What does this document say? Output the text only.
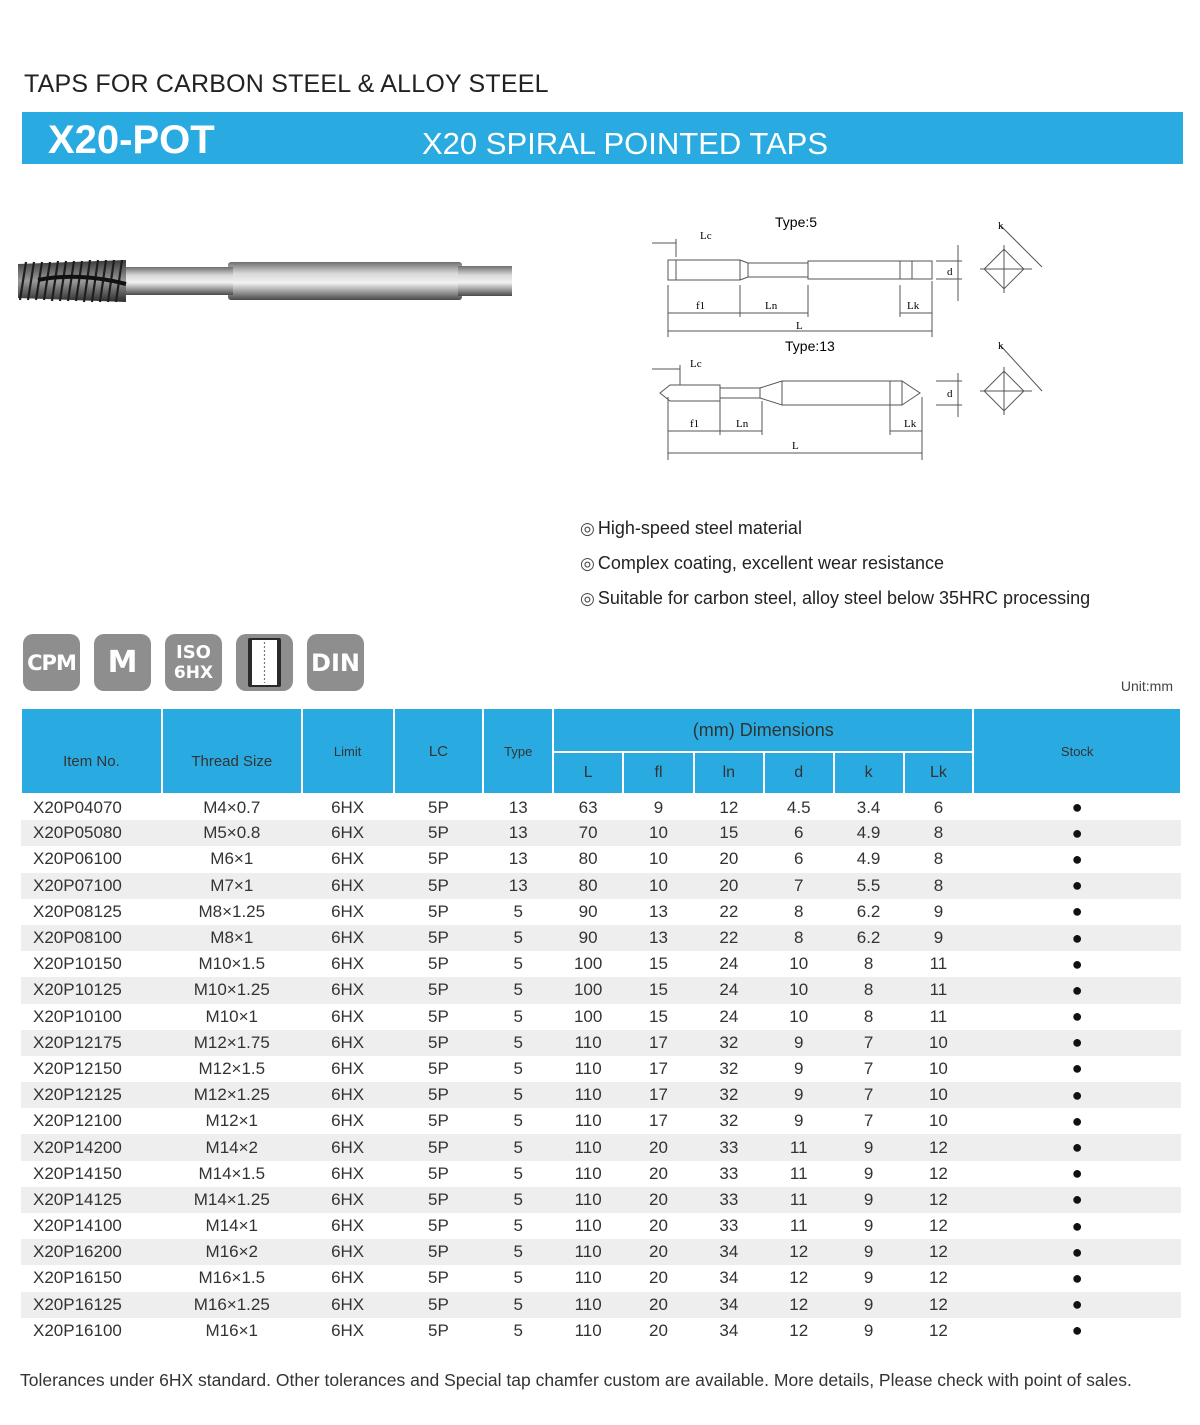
TAPS FOR CARBON STEEL & ALLOY STEEL
X20-POT	X20 SPIRAL POINTED TAPS
Type:5
Lc
f1	Ln	Lk
L
d
k
Type:13
Lc
f1	Ln	Lk
L
d
k
◎ High-speed steel material
◎ Complex coating, excellent wear resistance
◎ Suitable for carbon steel, alloy steel below 35HRC processing
CPM M ISO
6HX	DIN
Unit:mm
Item No.	Thread Size	Limit	LC	Type	(mm) Dimensions						Stock
					L	fl	ln	d	k	Lk	
X20P04070	M4×0.7	6HX	5P	13	63	9	12	4.5	3.4	6	●
X20P05080	M5×0.8	6HX	5P	13	70	10	15	6	4.9	8	●
X20P06100	M6×1	6HX	5P	13	80	10	20	6	4.9	8	●
X20P07100	M7×1	6HX	5P	13	80	10	20	7	5.5	8	●
X20P08125	M8×1.25	6HX	5P	5	90	13	22	8	6.2	9	●
X20P08100	M8×1	6HX	5P	5	90	13	22	8	6.2	9	●
X20P10150	M10×1.5	6HX	5P	5	100	15	24	10	8	11	●
X20P10125	M10×1.25	6HX	5P	5	100	15	24	10	8	11	●
X20P10100	M10×1	6HX	5P	5	100	15	24	10	8	11	●
X20P12175	M12×1.75	6HX	5P	5	110	17	32	9	7	10	●
X20P12150	M12×1.5	6HX	5P	5	110	17	32	9	7	10	●
X20P12125	M12×1.25	6HX	5P	5	110	17	32	9	7	10	●
X20P12100	M12×1	6HX	5P	5	110	17	32	9	7	10	●
X20P14200	M14×2	6HX	5P	5	110	20	33	11	9	12	●
X20P14150	M14×1.5	6HX	5P	5	110	20	33	11	9	12	●
X20P14125	M14×1.25	6HX	5P	5	110	20	33	11	9	12	●
X20P14100	M14×1	6HX	5P	5	110	20	33	11	9	12	●
X20P16200	M16×2	6HX	5P	5	110	20	34	12	9	12	●
X20P16150	M16×1.5	6HX	5P	5	110	20	34	12	9	12	●
X20P16125	M16×1.25	6HX	5P	5	110	20	34	12	9	12	●
X20P16100	M16×1	6HX	5P	5	110	20	34	12	9	12	●
Tolerances under 6HX standard. Other tolerances and Special tap chamfer custom are available. More details, Please check with point of sales.
